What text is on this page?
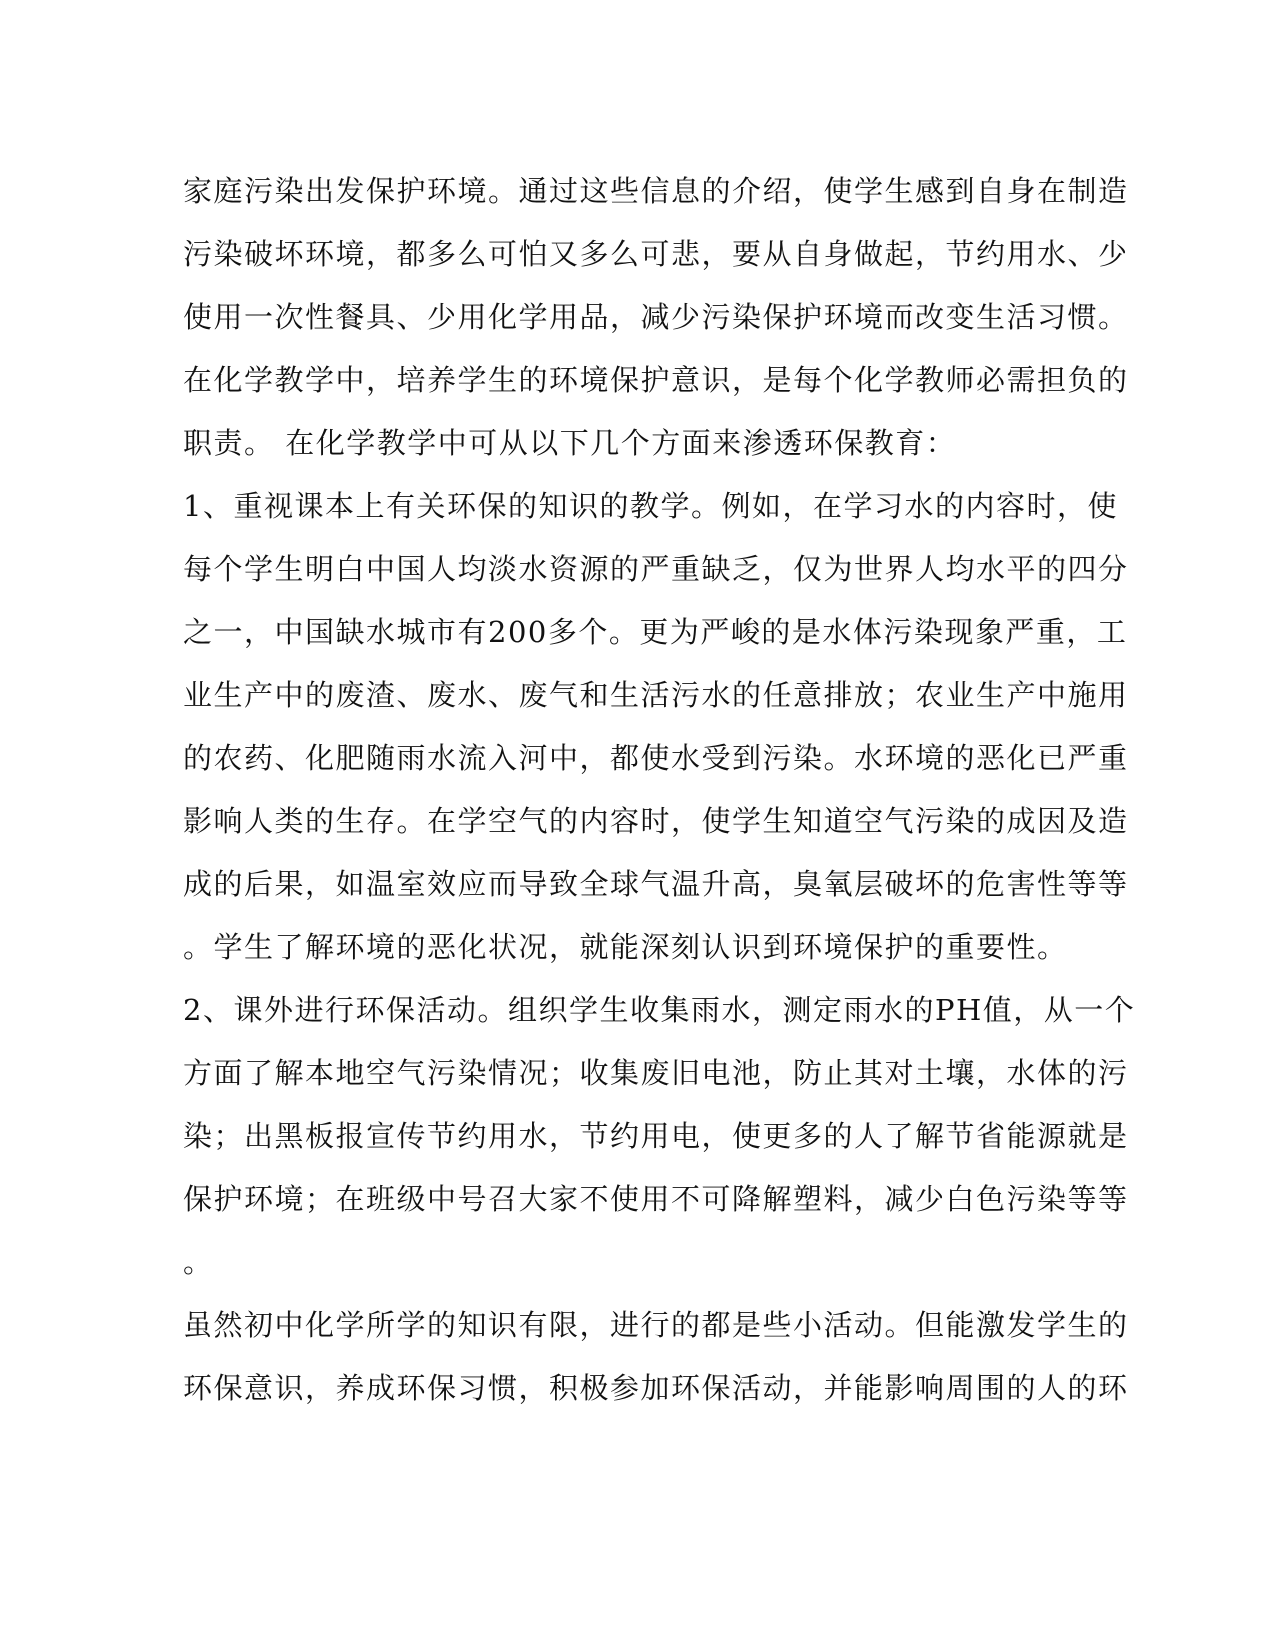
家庭污染出发保护环境。通过这些信息的介绍，使学生感到自身在制造
污染破坏环境，都多么可怕又多么可悲，要从自身做起，节约用水、少
使用一次性餐具、少用化学用品，减少污染保护环境而改变生活习惯。
在化学教学中，培养学生的环境保护意识，是每个化学教师必需担负的
职责。 在化学教学中可从以下几个方面来渗透环保教育：
1、重视课本上有关环保的知识的教学。例如，在学习水的内容时，使
每个学生明白中国人均淡水资源的严重缺乏，仅为世界人均水平的四分
之一，中国缺水城市有200多个。更为严峻的是水体污染现象严重，工
业生产中的废渣、废水、废气和生活污水的任意排放；农业生产中施用
的农药、化肥随雨水流入河中，都使水受到污染。水环境的恶化已严重
影响人类的生存。在学空气的内容时，使学生知道空气污染的成因及造
成的后果，如温室效应而导致全球气温升高，臭氧层破坏的危害性等等
。学生了解环境的恶化状况，就能深刻认识到环境保护的重要性。
2、课外进行环保活动。组织学生收集雨水，测定雨水的PH值，从一个
方面了解本地空气污染情况；收集废旧电池，防止其对土壤，水体的污
染；出黑板报宣传节约用水，节约用电，使更多的人了解节省能源就是
保护环境；在班级中号召大家不使用不可降解塑料，减少白色污染等等
。
虽然初中化学所学的知识有限，进行的都是些小活动。但能激发学生的
环保意识，养成环保习惯，积极参加环保活动，并能影响周围的人的环
